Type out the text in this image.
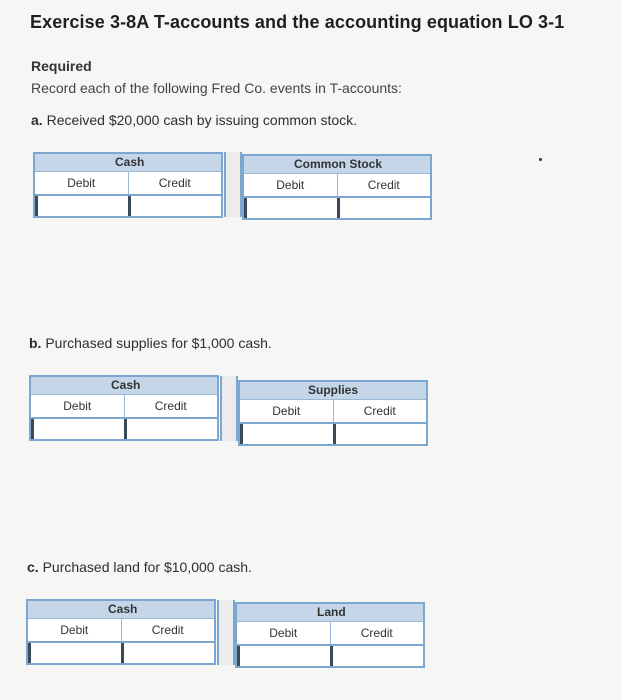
Exercise 3-8A T-accounts and the accounting equation LO 3-1
Required
Record each of the following Fred Co. events in T-accounts:
a. Received $20,000 cash by issuing common stock.
Cash
Debit	Credit
Common Stock
Debit	Credit
b. Purchased supplies for $1,000 cash.
Cash
Debit	Credit
Supplies
Debit	Credit
c. Purchased land for $10,000 cash.
Cash
Debit	Credit
Land
Debit	Credit
